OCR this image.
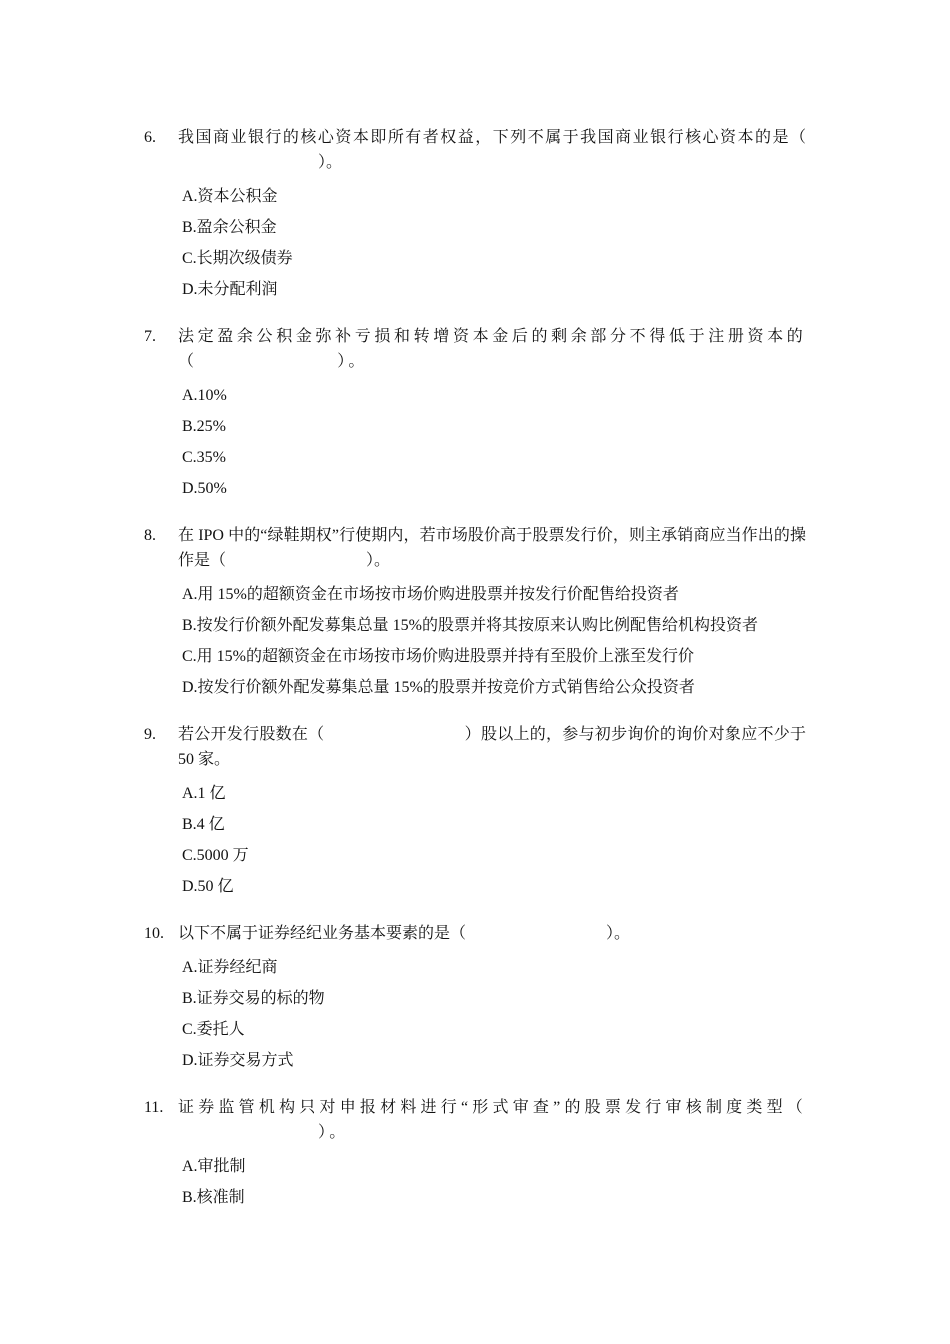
6.	我国商业银行的核心资本即所有者权益，下列不属于我国商业银行核心资本的是（）。
A.资本公积金
B.盈余公积金
C.长期次级债券
D.未分配利润
7.	法定盈余公积金弥补亏损和转增资本金后的剩余部分不得低于注册资本的（	）。
A.10%
B.25%
C.35%
D.50%
8.	在 IPO 中的“绿鞋期权”行使期内，若市场股价高于股票发行价，则主承销商应当作出的操作是（	）。
A.用 15%的超额资金在市场按市场价购进股票并按发行价配售给投资者
B.按发行价额外配发募集总量 15%的股票并将其按原来认购比例配售给机构投资者
C.用 15%的超额资金在市场按市场价购进股票并持有至股价上涨至发行价
D.按发行价额外配发募集总量 15%的股票并按竞价方式销售给公众投资者
9.	若公开发行股数在（	）股以上的，参与初步询价的询价对象应不少于 50 家。
A.1 亿
B.4 亿
C.5000 万
D.50 亿
10. 以下不属于证券经纪业务基本要素的是（	）。
A.证券经纪商
B.证券交易的标的物
C.委托人
D.证券交易方式
11. 证券监管机构只对申报材料进行“形式审查”的股票发行审核制度类型（）。
A.审批制
B.核准制
